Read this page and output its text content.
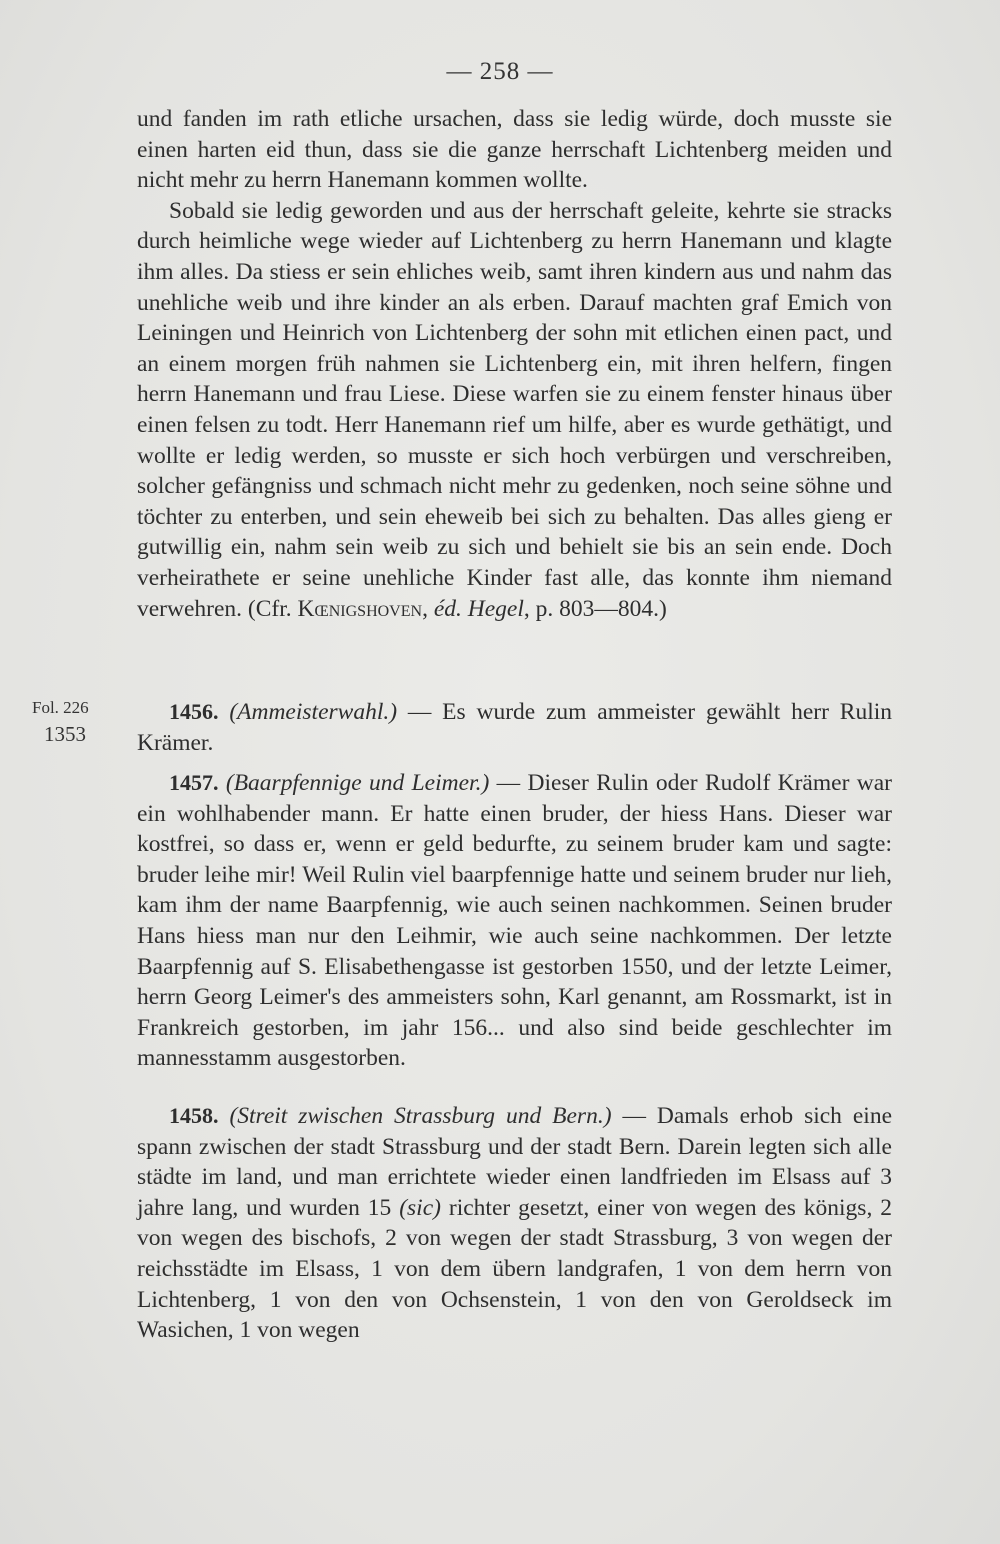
— 258 —

und fanden im rath etliche ursachen, dass sie ledig würde, doch musste sie einen harten eid thun, dass sie die ganze herrschaft Lichtenberg meiden und nicht mehr zu herrn Hanemann kommen wollte.

Sobald sie ledig geworden und aus der herrschaft geleite, kehrte sie stracks durch heimliche wege wieder auf Lichtenberg zu herrn Hanemann und klagte ihm alles. Da stiess er sein ehliches weib, samt ihren kindern aus und nahm das unehliche weib und ihre kinder an als erben. Darauf machten graf Emich von Leiningen und Heinrich von Lichtenberg der sohn mit etlichen einen pact, und an einem morgen früh nahmen sie Lichtenberg ein, mit ihren helfern, fingen herrn Hanemann und frau Liese. Diese warfen sie zu einem fenster hinaus über einen felsen zu todt. Herr Hanemann rief um hilfe, aber es wurde gethätigt, und wollte er ledig werden, so musste er sich hoch verbürgen und verschreiben, solcher gefängniss und schmach nicht mehr zu gedenken, noch seine söhne und töchter zu enterben, und sein eheweib bei sich zu behalten. Das alles gieng er gutwillig ein, nahm sein weib zu sich und behielt sie bis an sein ende. Doch verheirathete er seine unehliche Kinder fast alle, das konnte ihm niemand verwehren. (Cfr. Kœnigshoven, éd. Hegel, p. 803—804.)

Fol. 226
1353

1456. (Ammeisterwahl.) — Es wurde zum ammeister gewählt herr Rulin Krämer.

1457. (Baarpfennige und Leimer.) — Dieser Rulin oder Rudolf Krämer war ein wohlhabender mann. Er hatte einen bruder, der hiess Hans. Dieser war kostfrei, so dass er, wenn er geld bedurfte, zu seinem bruder kam und sagte: bruder leihe mir! Weil Rulin viel baarpfennige hatte und seinem bruder nur lieh, kam ihm der name Baarpfennig, wie auch seinen nachkommen. Seinen bruder Hans hiess man nur den Leihmir, wie auch seine nachkommen. Der letzte Baarpfennig auf S. Elisabethengasse ist gestorben 1550, und der letzte Leimer, herrn Georg Leimer's des ammeisters sohn, Karl genannt, am Rossmarkt, ist in Frankreich gestorben, im jahr 156... und also sind beide geschlechter im mannesstamm ausgestorben.

1458. (Streit zwischen Strassburg und Bern.) — Damals erhob sich eine spann zwischen der stadt Strassburg und der stadt Bern. Darein legten sich alle städte im land, und man errichtete wieder einen landfrieden im Elsass auf 3 jahre lang, und wurden 15 (sic) richter gesetzt, einer von wegen des königs, 2 von wegen des bischofs, 2 von wegen der stadt Strassburg, 3 von wegen der reichsstädte im Elsass, 1 von dem übern landgrafen, 1 von dem herrn von Lichtenberg, 1 von den von Ochsenstein, 1 von den von Geroldseck im Wasichen, 1 von wegen
